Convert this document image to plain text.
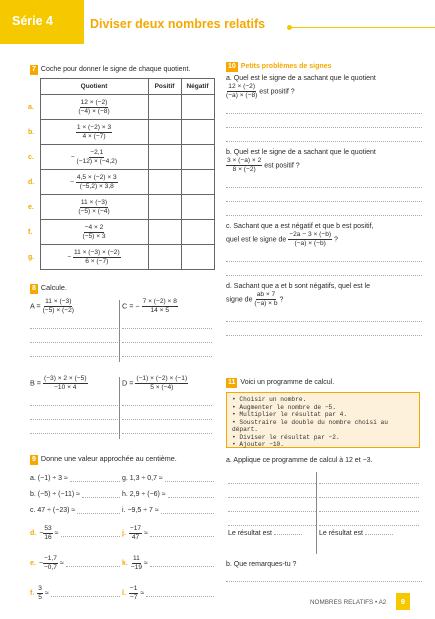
Série 4	Diviser deux nombres relatifs
7 Coche pour donner le signe de chaque quotient.
	Quotient	Positif	Négatif
a.	$\frac{12 \times (-2)}{(-4) \times (-8)}$

b.	$\frac{1 \times (-2) \times 3}{4 \times (-7)}$

c.	− $\frac{-2,1}{(-12) \times (-4,2)}$

d.	− $\frac{4,5 \times (-2) \times 3}{(-5,2) \times 3,8}$

e.	$\frac{11 \times (-3)}{(-5) \times (-4)}$

f.	$\frac{-4 \times 2}{(-5) \times 3}$

g.	− $\frac{11 \times (-3) \times (-2)}{6 \times (-7)}$

8 Calcule.
$A = \frac{11 \times (-3)}{(-5) \times (-2)}$	C = − $\frac{7 \times (-2) \times 8}{14 \times 5}$
$B = \frac{(-3) \times 2 \times (-5)}{-10 \times 4}$	$D = \frac{(-1) \times (-2) \times (-1)}{5 \times (-4)}$
9 Donne une valeur approchée au centième.
a. (−1) ÷ 3 ≈
b. (−5) ÷ (−11) ≈
c. 47 ÷ (−23) ≈
d. − $\frac{53}{16}$ ≈
e. − $\frac{-1,7}{-0,7}$ ≈
f. $\frac{3}{5}$ ≈
g. 1,3 ÷ 0,7 ≈
h. 2,9 ÷ (−6) ≈
i. −9,5 ÷ 7 ≈
j. $\frac{-17}{47}$ ≈
k. $\frac{11}{-19}$ ≈
l. $\frac{-1}{-7}$ ≈
10 Petits problèmes de signes
a. Quel est le signe de a sachant que le quotient
$\frac{12 \times (-2)}{(-a) \times (-8)}$ est positif ?
b. Quel est le signe de a sachant que le quotient
$\frac{3 \times (-a) \times 2}{8 \times (-2)}$ est positif ?
c. Sachant que a est négatif et que b est positif,
quel est le signe de $\frac{-2a - 3 \times (-b)}{(-a) \times (-b)}$ ?
d. Sachant que a et b sont négatifs, quel est le
signe de $\frac{ab \times 7}{(-a) \times b}$ ?
11 Voici un programme de calcul.
• Choisir un nombre.
• Augmenter le nombre de −5.
• Multiplier le résultat par 4.
• Soustraire le double du nombre choisi au
départ.
• Diviser le résultat par −2.
• Ajouter −10.
a. Applique ce programme de calcul à 12 et −3.
Le résultat est	Le résultat est
b. Que remarques-tu ?
NOMBRES RELATIFS • A2	9
